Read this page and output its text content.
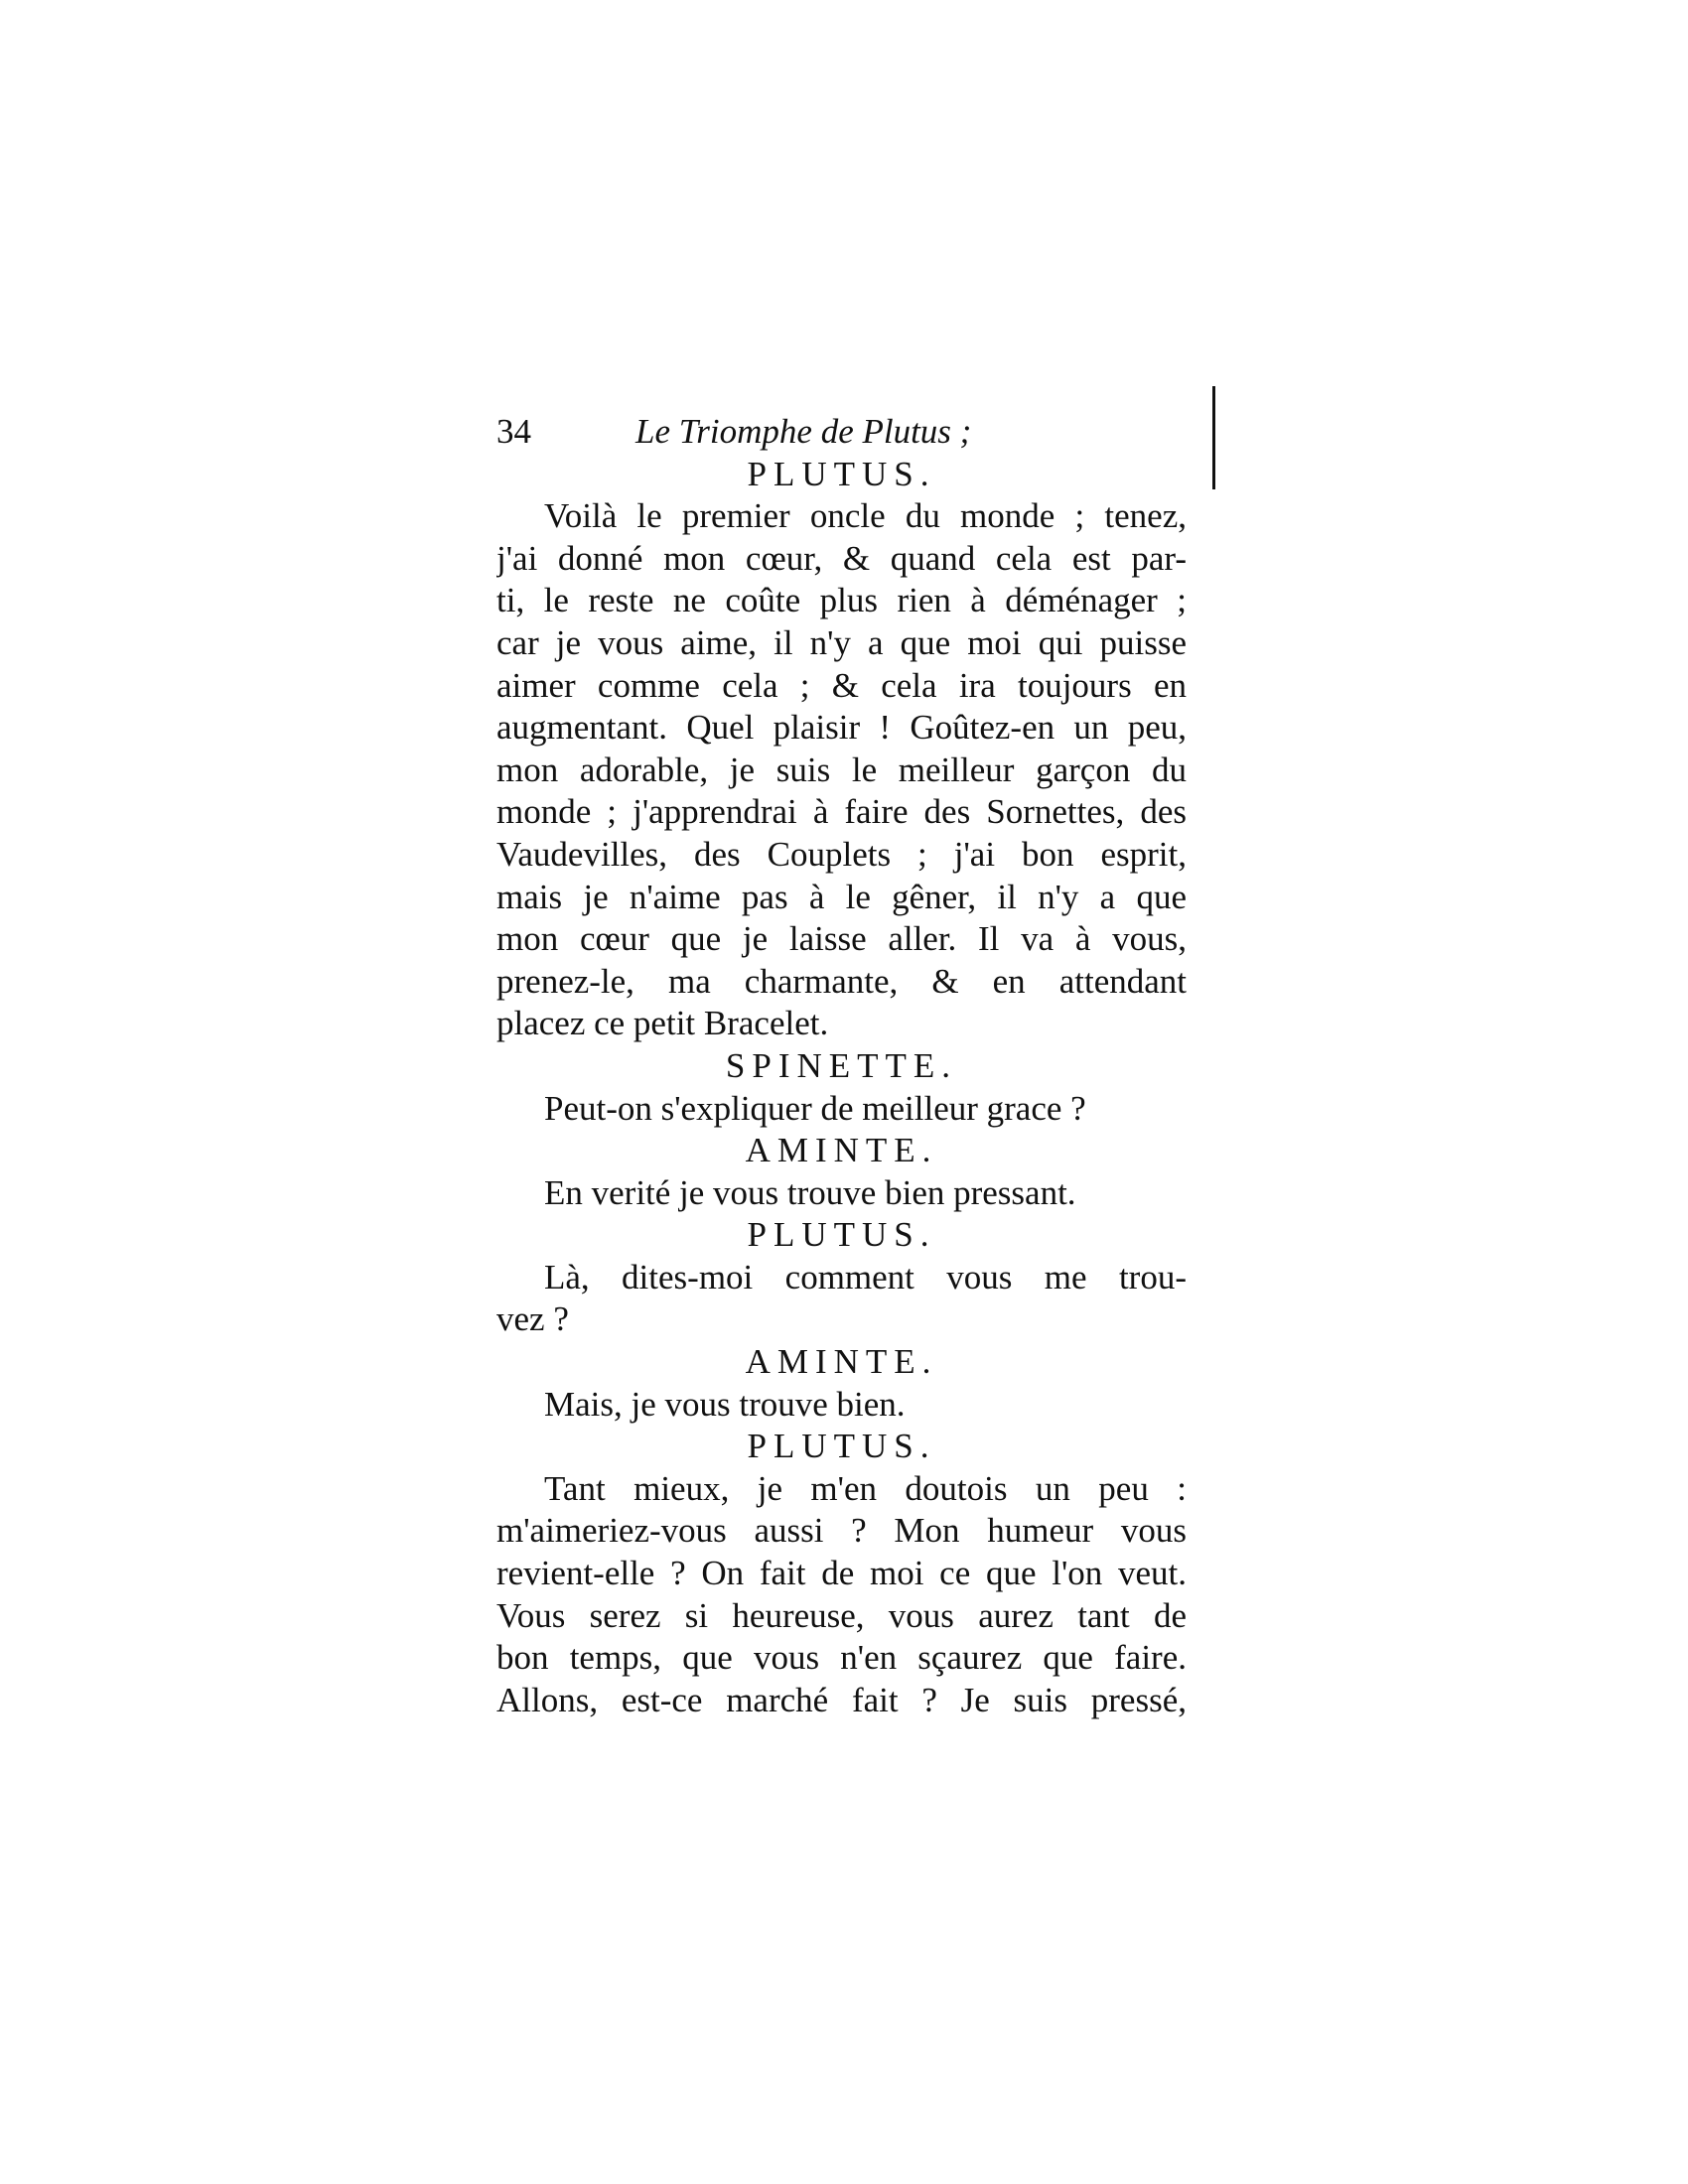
34	Le Triomphe de Plutus ;
PLUTUS.
Voilà le premier oncle du monde ; tenez,
j'ai donné mon cœur, & quand cela est par-
ti, le reste ne coûte plus rien à déménager ;
car je vous aime, il n'y a que moi qui puisse
aimer comme cela ; & cela ira toujours en
augmentant. Quel plaisir ! Goûtez-en un peu,
mon adorable, je suis le meilleur garçon du
monde ; j'apprendrai à faire des Sornettes, des
Vaudevilles, des Couplets ; j'ai bon esprit,
mais je n'aime pas à le gêner, il n'y a que
mon cœur que je laisse aller. Il va à vous,
prenez-le, ma charmante, & en attendant
placez ce petit Bracelet.
SPINETTE.
Peut-on s'expliquer de meilleur grace ?
AMINTE.
En verité je vous trouve bien pressant.
PLUTUS.
Là, dites-moi comment vous me trou-
vez ?
AMINTE.
Mais, je vous trouve bien.
PLUTUS.
Tant mieux, je m'en doutois un peu :
m'aimeriez-vous aussi ? Mon humeur vous
revient-elle ? On fait de moi ce que l'on veut.
Vous serez si heureuse, vous aurez tant de
bon temps, que vous n'en sçaurez que faire.
Allons, est-ce marché fait ? Je suis pressé,
